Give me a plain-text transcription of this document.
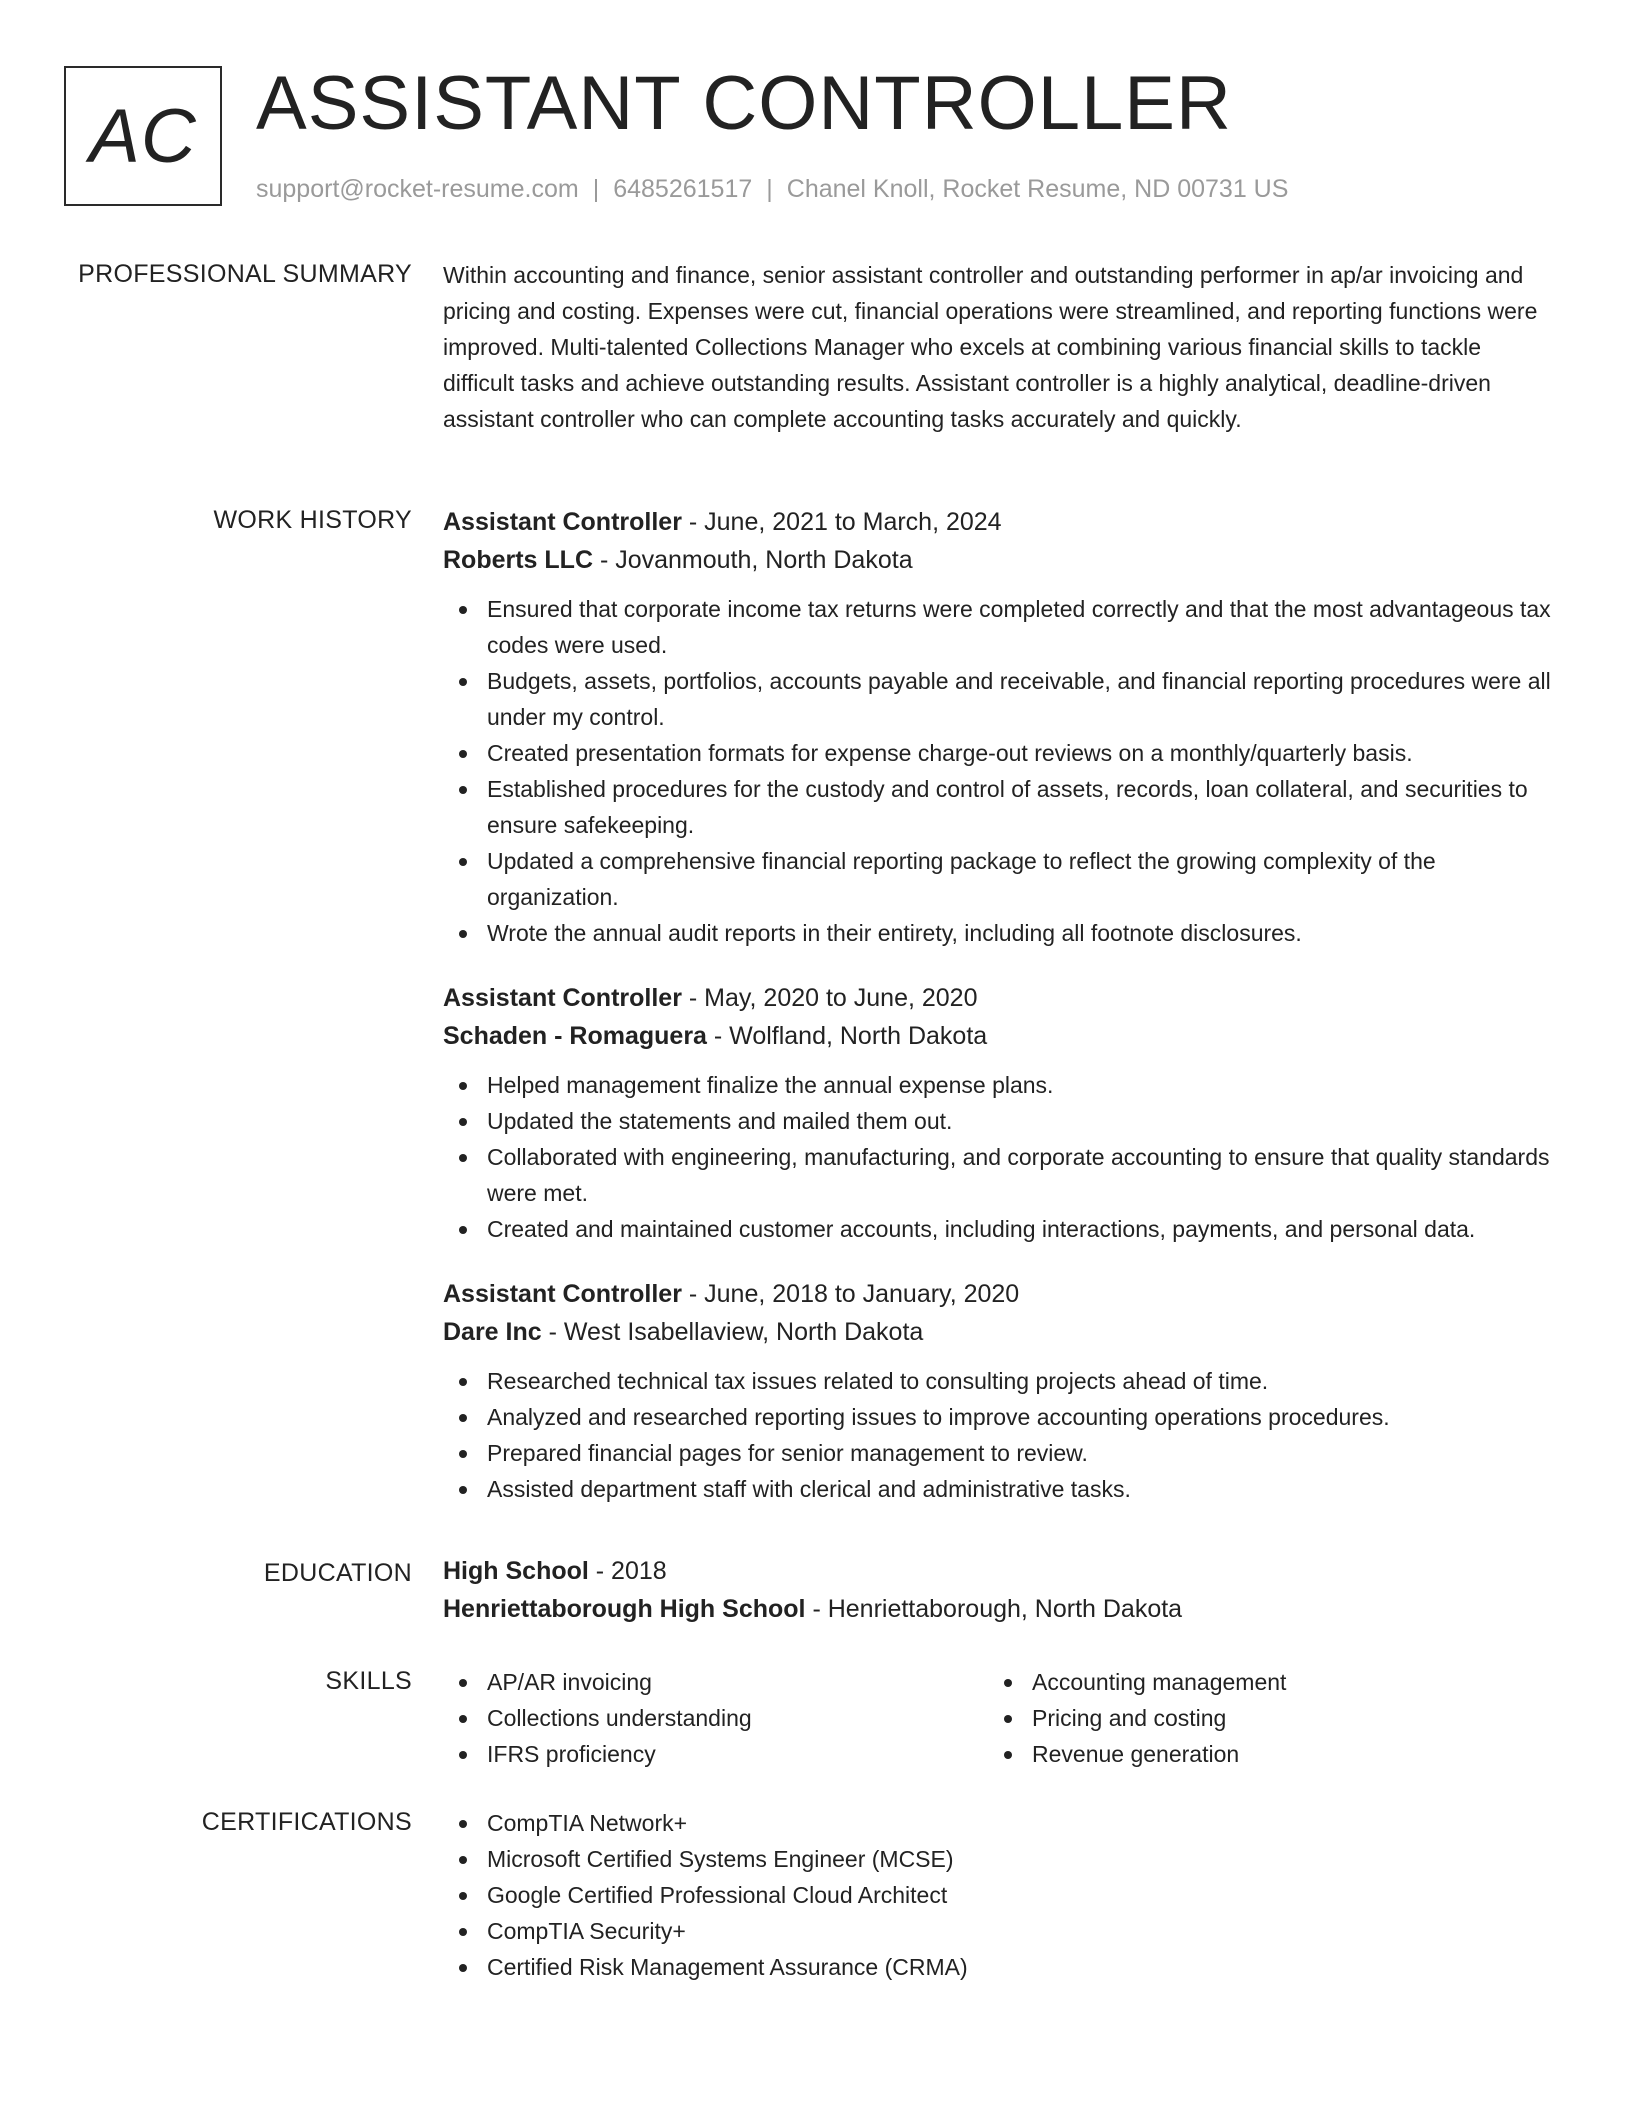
AC ASSISTANT CONTROLLER
support@rocket-resume.com | 6485261517 | Chanel Knoll, Rocket Resume, ND 00731 US
PROFESSIONAL SUMMARY Within accounting and finance, senior assistant controller and outstanding performer in ap/ar invoicing and pricing and costing. Expenses were cut, financial operations were streamlined, and reporting functions were improved. Multi-talented Collections Manager who excels at combining various financial skills to tackle difficult tasks and achieve outstanding results. Assistant controller is a highly analytical, deadline-driven assistant controller who can complete accounting tasks accurately and quickly.

WORK HISTORY Assistant Controller - June, 2021 to March, 2024
Roberts LLC - Jovanmouth, North Dakota
Ensured that corporate income tax returns were completed correctly and that the most advantageous tax codes were used.
Budgets, assets, portfolios, accounts payable and receivable, and financial reporting procedures were all under my control.
Created presentation formats for expense charge-out reviews on a monthly/quarterly basis.
Established procedures for the custody and control of assets, records, loan collateral, and securities to ensure safekeeping.
Updated a comprehensive financial reporting package to reflect the growing complexity of the organization.
Wrote the annual audit reports in their entirety, including all footnote disclosures.
Assistant Controller - May, 2020 to June, 2020
Schaden - Romaguera - Wolfland, North Dakota
Helped management finalize the annual expense plans.
Updated the statements and mailed them out.
Collaborated with engineering, manufacturing, and corporate accounting to ensure that quality standards were met.
Created and maintained customer accounts, including interactions, payments, and personal data.
Assistant Controller - June, 2018 to January, 2020
Dare Inc - West Isabellaview, North Dakota
Researched technical tax issues related to consulting projects ahead of time.
Analyzed and researched reporting issues to improve accounting operations procedures.
Prepared financial pages for senior management to review.
Assisted department staff with clerical and administrative tasks.
EDUCATION High School - 2018
Henriettaborough High School - Henriettaborough, North Dakota
SKILLS	AP/AR invoicing
Collections understanding
IFRS proficiency
Accounting management
Pricing and costing
Revenue generation
CERTIFICATIONS	CompTIA Network+
Microsoft Certified Systems Engineer (MCSE)
Google Certified Professional Cloud Architect
CompTIA Security+
Certified Risk Management Assurance (CRMA)
